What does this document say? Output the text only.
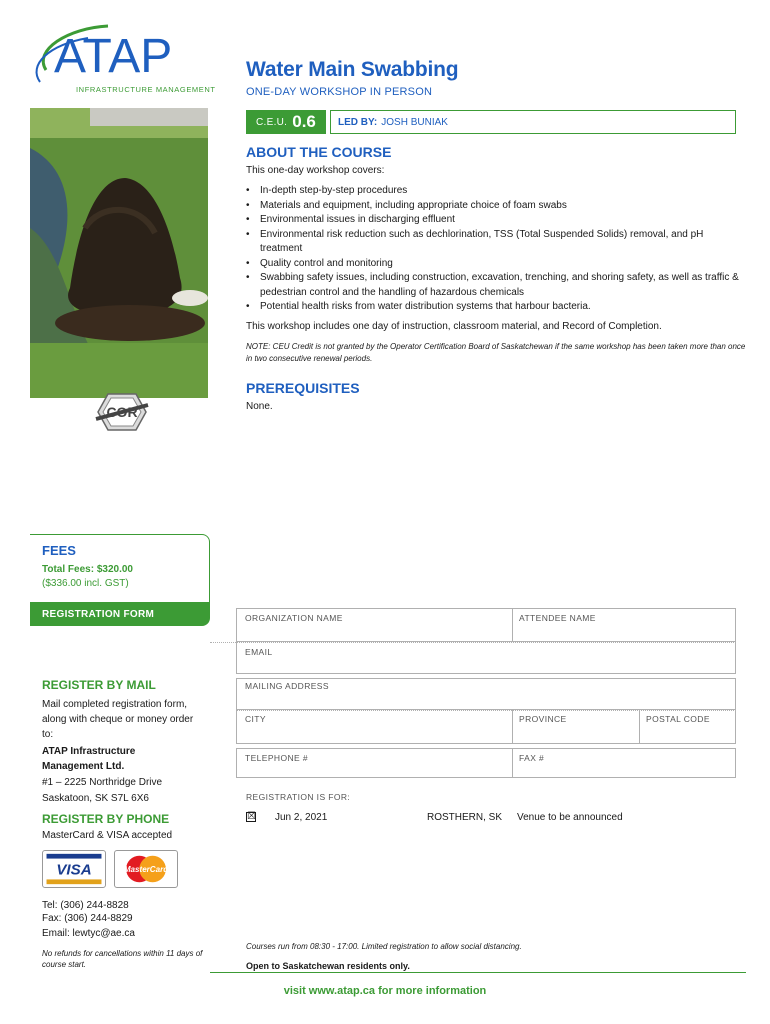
ATAP
INFRASTRUCTURE MANAGEMENT
Water Main Swabbing
ONE-DAY WORKSHOP IN PERSON
C.E.U. 0.6 LED BY: JOSH BUNIAK
ABOUT THE COURSE
This one-day workshop covers:
• In-depth step-by-step procedures
• Materials and equipment, including appropriate choice of foam swabs
• Environmental issues in discharging effluent
• Environmental risk reduction such as dechlorination, TSS (Total Suspended Solids) removal, and pH treatment
• Quality control and monitoring
• Swabbing safety issues, including construction, excavation, trenching, and shoring safety, as well as traffic & pedestrian control and the handling of hazardous chemicals
• Potential health risks from water distribution systems that harbour bacteria.
This workshop includes one day of instruction, classroom material, and Record of Completion.
NOTE: CEU Credit is not granted by the Operator Certification Board of Saskatchewan if the same workshop has been taken more than once in two consecutive renewal periods.
PREREQUISITES
None.
COR
FEES
Total Fees: $320.00
($336.00 incl. GST)
REGISTRATION FORM	ORGANIZATION NAME	ATTENDEE NAME
EMAIL
MAILING ADDRESS
CITY	PROVINCE	POSTAL CODE
TELEPHONE #	FAX #
REGISTER BY MAIL
Mail completed registration form, along with cheque or money order to:
ATAP Infrastructure
Management Ltd.
#1 – 2225 Northridge Drive
Saskatoon, SK S7L 6X6
REGISTER BY PHONE
MasterCard & VISA accepted
VISA	MasterCard
Tel: (306) 244-8828
Fax: (306) 244-8829
Email: lewtyc@ae.ca
No refunds for cancellations within 11 days of course start.
REGISTRATION IS FOR:
☒ Jun 2, 2021	ROSTHERN, SK Venue to be announced
Courses run from 08:30 - 17:00. Limited registration to allow social distancing.
Open to Saskatchewan residents only.
visit www.atap.ca for more information
